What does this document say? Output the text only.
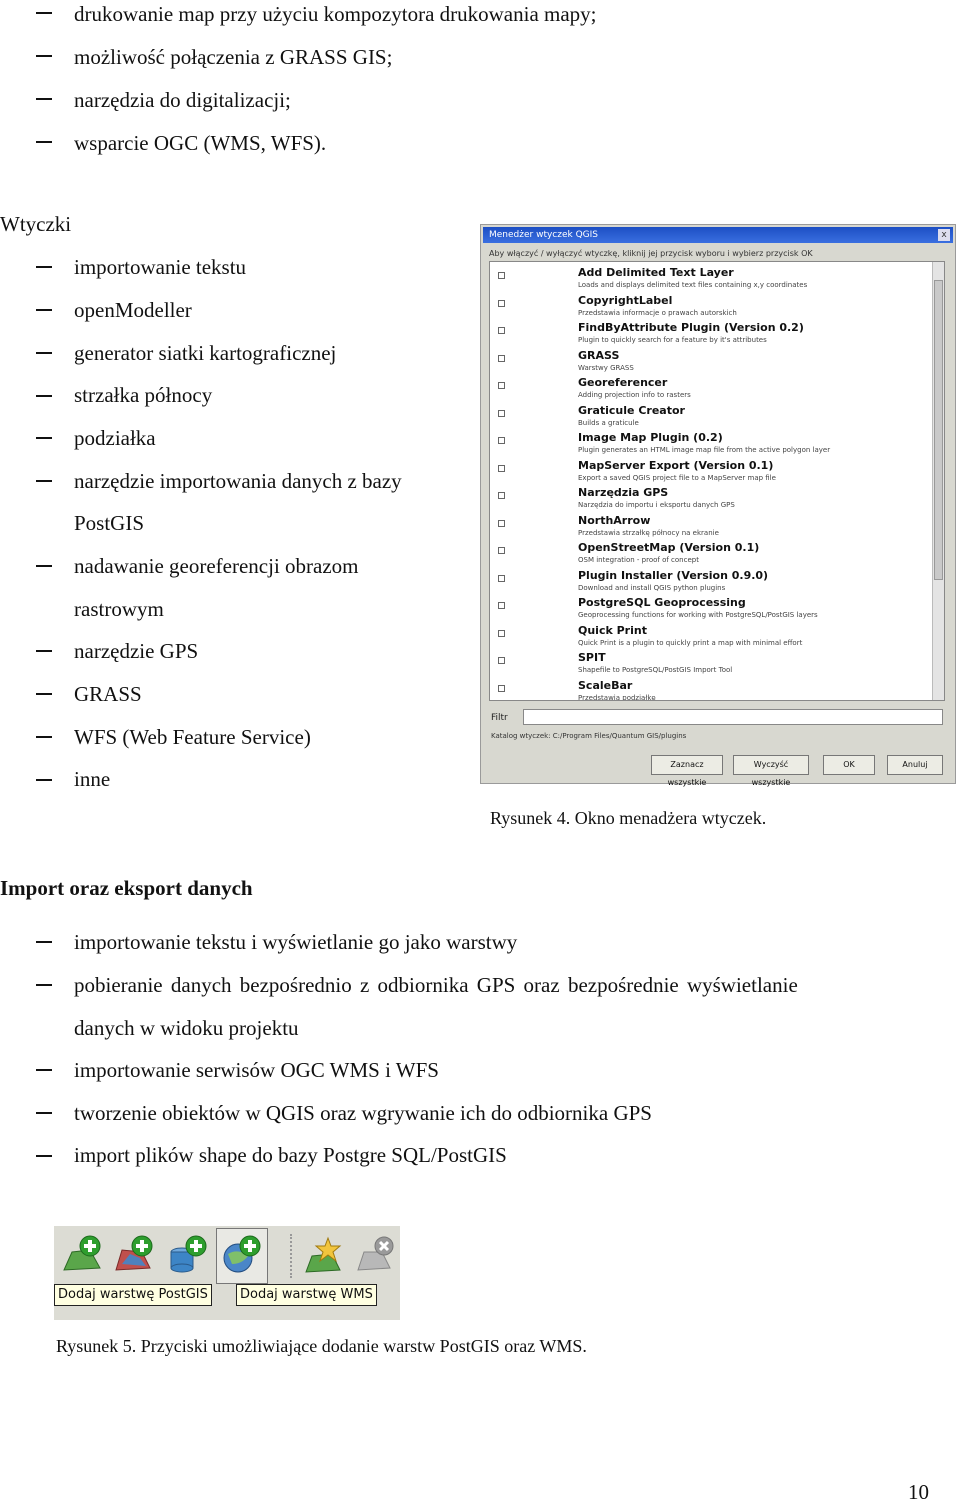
drukowanie map przy użyciu kompozytora drukowania mapy;
możliwość połączenia z GRASS GIS;
narzędzia do digitalizacji;
wsparcie OGC (WMS, WFS).
Wtyczki
importowanie tekstu
openModeller
generator siatki kartograficznej
strzałka północy
podziałka
narzędzie importowania danych z bazy
PostGIS
nadawanie georeferencji obrazom
rastrowym
narzędzie GPS
GRASS
WFS (Web Feature Service)
inne
Menedżer wtyczek QGIS	x
Aby włączyć / wyłączyć wtyczkę, kliknij jej przycisk wyboru i wybierz przycisk OK
Add Delimited Text Layer
Loads and displays delimited text files containing x,y coordinates
CopyrightLabel
Przedstawia informacje o prawach autorskich
FindByAttribute Plugin (Version 0.2)
Plugin to quickly search for a feature by it's attributes
GRASS
Warstwy GRASS
Georeferencer
Adding projection info to rasters
Graticule Creator
Builds a graticule
Image Map Plugin (0.2)
Plugin generates an HTML image map file from the active polygon layer
MapServer Export (Version 0.1)
Export a saved QGIS project file to a MapServer map file
Narzędzia GPS
Narzędzia do importu i eksportu danych GPS
NorthArrow
Przedstawia strzałkę północy na ekranie
OpenStreetMap (Version 0.1)
OSM integration - proof of concept
Plugin Installer (Version 0.9.0)
Download and install QGIS python plugins
PostgreSQL Geoprocessing
Geoprocessing functions for working with PostgreSQL/PostGIS layers
Quick Print
Quick Print is a plugin to quickly print a map with minimal effort
SPIT
Shapefile to PostgreSQL/PostGIS Import Tool
ScaleBar
Przedstawia podziałkę
Filtr
Katalog wtyczek: C:/Program Files/Quantum GIS/plugins
Zaznacz wszystkie
Wyczyść wszystkie
OK	Anuluj
Rysunek 4. Okno menadżera wtyczek.
Import oraz eksport danych
importowanie tekstu i wyświetlanie go jako warstwy
pobieranie danych bezpośrednio z odbiornika GPS oraz bezpośrednie wyświetlanie
danych w widoku projektu
importowanie serwisów OGC WMS i WFS
tworzenie obiektów w QGIS oraz wgrywanie ich do odbiornika GPS
import plików shape do bazy Postgre SQL/PostGIS
Dodaj warstwę PostGIS	Dodaj warstwę WMS
Rysunek 5. Przyciski umożliwiające dodanie warstw PostGIS oraz WMS.
10
